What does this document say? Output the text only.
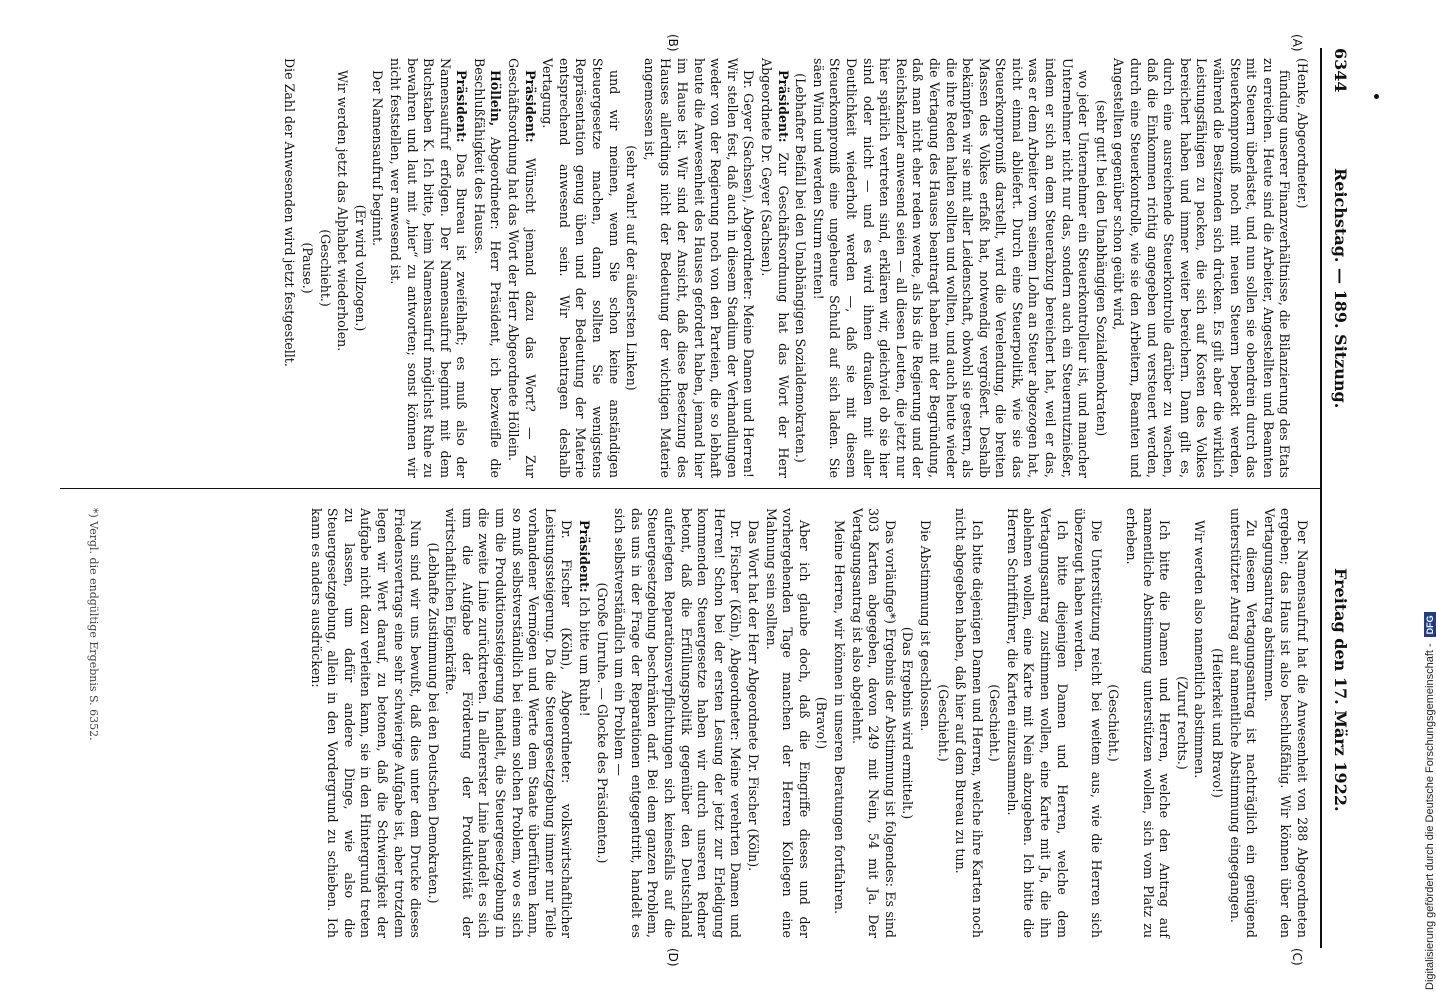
6344
Reichstag. — 189. Sitzung.
Freitag den 17. März 1922.
(A)
(B)
(C)
(D)

(Henke, Abgeordneter.)

fündung unserer Finanzverhältnisse, die Bilanzierung des Etats zu erreichen. Heute sind die Arbeiter, Angestellten und Beamten mit Steuern überlastet, und nun sollen sie obendrein durch das Steuerkompromiß noch mit neuen Steuern bepackt werden, während die Besitzenden sich drücken. Es gilt aber die wirklich Leistungsfähigen zu packen, die sich auf Kosten des Volkes bereichert haben und immer weiter bereichern. Dann gilt es, durch eine ausreichende Steuerkontrolle darüber zu wachen, daß die Einkommen richtig angegeben und versteuert werden, durch eine Steuerkontrolle, wie sie den Arbeitern, Beamten und Angestellten gegenüber schon geübt wird,

(sehr gut! bei den Unabhängigen Sozialdemokraten)

wo jeder Unternehmer ein Steuerkontrolleur ist, und mancher Unternehmer nicht nur das, sondern auch ein Steuernutznießer, indem er sich an dem Steuerabzug bereichert hat, weil er das, was er dem Arbeiter vom seinem Lohn an Steuer abgezogen hat, nicht einmal abliefert. Durch eine Steuerpolitik, wie sie das Steuerkompromiß darstellt, wird die Verelendung, die breiten Massen des Volkes erfaßt hat, notwendig vergrößert. Deshalb bekämpfen wir sie mit aller Leidenschaft, obwohl sie gestern, als die ihre Reden halten sollten und wollten, und auch heute wieder die Vertagung des Hauses beantragt haben mit der Begründung, daß man nicht eher reden werde, als bis die Regierung und der Reichskanzler anwesend seien — all diesen Leuten, die jetzt nur hier spärlich vertreten sind, erklären wir, gleichviel ob sie hier sind oder nicht — und es wird ihnen draußen mit aller Deutlichkeit wiederholt werden —, daß sie mit diesem Steuerkompromiß eine ungeheure Schuld auf sich laden. Sie säen Wind und werden Sturm ernten!

(Lebhafter Beifall bei den Unabhängigen Sozialdemokraten.)

Präsident: Zur Geschäftsordnung hat das Wort der Herr Abgeordnete Dr. Geyer (Sachsen).

Dr. Geyer (Sachsen), Abgeordneter: Meine Damen und Herren! Wir stellen fest, daß auch in diesem Stadium der Verhandlungen weder von der Regierung noch von den Parteien, die so lebhaft heute die Anwesenheit des Hauses gefordert haben, jemand hier im Hause ist. Wir sind der Ansicht, daß diese Besetzung des Hauses allerdings nicht der Bedeutung der wichtigen Materie angemessen ist,

(sehr wahr! auf der äußersten Linken)

und wir meinen, wenn Sie schon keine anständigen Steuergesetze machen, dann sollten Sie wenigstens Repräsentation genug üben und der Bedeutung der Materie entsprechend anwesend sein. Wir beantragen deshalb Vertagung.

Präsident: Wünscht jemand dazu das Wort? — Zur Geschäftsordnung hat das Wort der Herr Abgeordnete Höllein.

Höllein, Abgeordneter: Herr Präsident, ich bezweifle die Beschlußfähigkeit des Hauses.

Präsident: Das Bureau ist zweifelhaft; es muß also der Namensaufruf erfolgen. Der Namensaufruf beginnt mit dem Buchstaben K. Ich bitte, beim Namensaufruf möglichst Ruhe zu bewahren und laut mit „hier“ zu antworten; sonst können wir nicht feststellen, wer anwesend ist.

Der Namensaufruf beginnt.

(Er wird vollzogen.)

Wir werden jetzt das Alphabet wiederholen.

(Geschieht.)

(Pause.)

Die Zahl der Anwesenden wird jetzt festgestellt.

Der Namensaufruf hat die Anwesenheit von 288 Abgeordneten ergeben; das Haus ist also beschlußfähig. Wir können über den Vertagungsantrag abstimmen.

Zu diesem Vertagungsantrag ist nachträglich ein genügend unterstützter Antrag auf namentliche Abstimmung eingegangen.

(Heiterkeit und Bravo!)

Wir werden also namentlich abstimmen.

(Zuruf rechts.)

Ich bitte die Damen und Herren, welche den Antrag auf namentliche Abstimmung unterstützen wollen, sich vom Platz zu erheben.

(Geschieht.)

Die Unterstützung reicht bei weitem aus, wie die Herren sich überzeugt haben werden.

Ich bitte diejenigen Damen und Herren, welche dem Vertagungsantrag zustimmen wollen, eine Karte mit Ja, die ihn ablehnen wollen, eine Karte mit Nein abzugeben. Ich bitte die Herren Schriftführer, die Karten einzusammeln.

(Geschieht.)

Ich bitte diejenigen Damen und Herren, welche ihre Karten noch nicht abgegeben haben, daß hier auf dem Bureau zu tun.

(Geschieht.)

Die Abstimmung ist geschlossen.

(Das Ergebnis wird ermittelt.)

Das vorläufige*) Ergebnis der Abstimmung ist folgendes: Es sind 303 Karten abgegeben, davon 249 mit Nein, 54 mit Ja. Der Vertagungsantrag ist also abgelehnt.

Meine Herren, wir können in unseren Beratungen fortfahren.

(Bravo!)

Aber ich glaube doch, daß die Eingriffe dieses und der vorhergehenden Tage manchen der Herren Kollegen eine Mahnung sein sollten.

Das Wort hat der Herr Abgeordnete Dr. Fischer (Köln).

Dr. Fischer (Köln), Abgeordneter: Meine verehrten Damen und Herren! Schon bei der ersten Lesung der jetzt zur Erledigung kommenden Steuergesetze haben wir durch unseren Redner betont, daß die Erfüllungspolitik gegenüber den Deutschland auferlegten Reparationsverpflichtungen sich keinesfalls auf die Steuergesetzgebung beschränken darf. Bei dem ganzen Problem, das uns in der Frage der Reparationen entgegentritt, handelt es sich selbstverständlich um ein Problem —

(Große Unruhe. — Glocke des Präsidenten.)

Präsident: Ich bitte um Ruhe!

Dr. Fischer (Köln), Abgeordneter: volkswirtschaftlicher Leistungssteigerung. Da die Steuergesetzgebung immer nur Teile vorhandener Vermögen und Werte dem Staate überführen kann, so muß selbstverständlich bei einem solchen Problem, wo es sich um die Produktionssteigerung handelt, die Steuergesetzgebung in die zweite Linie zurücktreten. In allererster Linie handelt es sich um die Aufgabe der Förderung der Produktivität der wirtschaftlichen Eigenkräfte.

(Lebhafte Zustimmung bei den Deutschen Demokraten.)

Nun sind wir uns bewußt, daß dies unter dem Drucke dieses Friedensvertrags eine sehr schwierige Aufgabe ist, aber trotzdem legen wir Wert darauf, zu betonen, daß die Schwierigkeit der Aufgabe nicht dazu verleiten kann, sie in den Hintergrund treten zu lassen, um dafür andere Dinge, wie also die Steuergesetzgebung, allein in den Vordergrund zu schieben. Ich kann es anders ausdrücken:

*) Vergl. die endgültige Ergebnis S. 6352.
Digitalisierung gefördert durch die Deutsche Forschungsgemeinschaft -DFG
